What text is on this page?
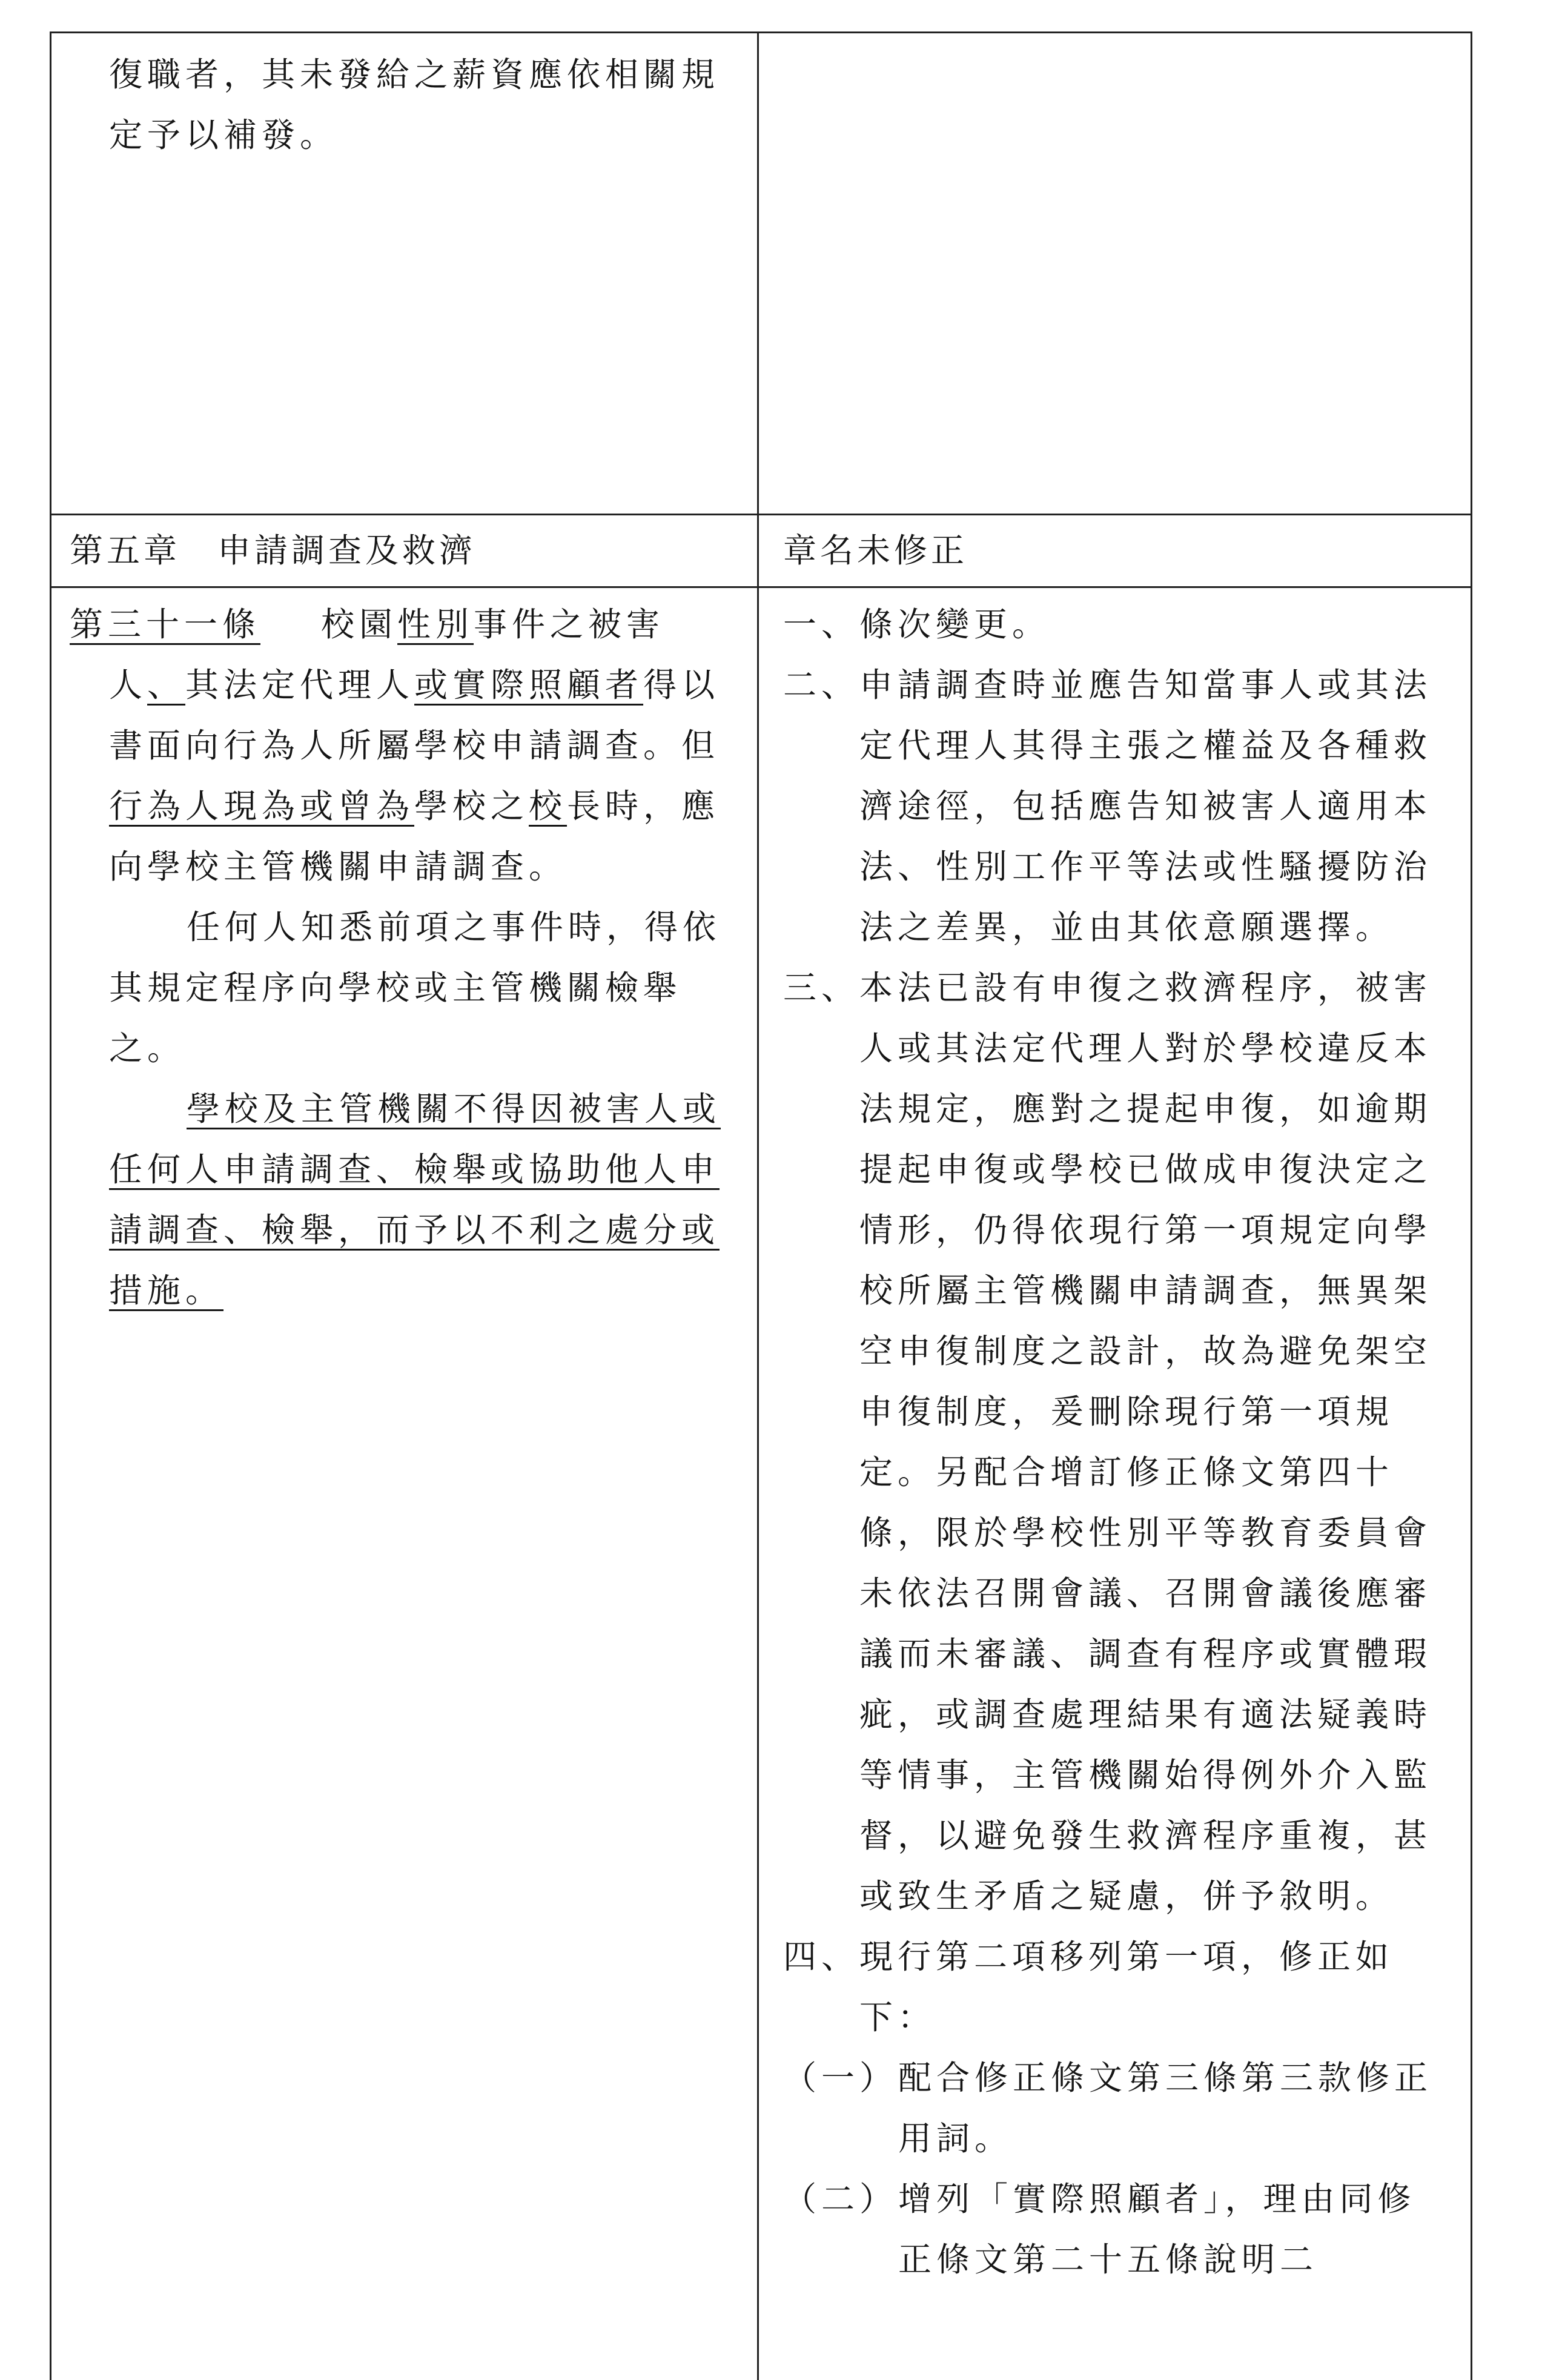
復職者，其未發給之薪資應依相關規定予以補發。
第五章　申請調查及救濟	章名未修正
第三十一條 校園性別事件之被害人、其法定代理人或實際照顧者得以書面向行為人所屬學校申請調查。但行為人現為或曾為學校之校長時，應向學校主管機關申請調查。
任何人知悉前項之事件時，得依其規定程序向學校或主管機關檢舉之。
學校及主管機關不得因被害人或任何人申請調查、檢舉或協助他人申請調查、檢舉，而予以不利之處分或措施。
一、 條次變更。
二、 申請調查時並應告知當事人或其法定代理人其得主張之權益及各種救濟途徑，包括應告知被害人適用本法、性別工作平等法或性騷擾防治法之差異，並由其依意願選擇。
三、 本法已設有申復之救濟程序，被害人或其法定代理人對於學校違反本法規定，應對之提起申復，如逾期提起申復或學校已做成申復決定之情形，仍得依現行第一項規定向學校所屬主管機關申請調查，無異架空申復制度之設計，故為避免架空申復制度，爰刪除現行第一項規定。另配合增訂修正條文第四十條，限於學校性別平等教育委員會未依法召開會議、召開會議後應審議而未審議、調查有程序或實體瑕疵，或調查處理結果有適法疑義時等情事，主管機關始得例外介入監督，以避免發生救濟程序重複，甚或致生矛盾之疑慮，併予敘明。
四、 現行第二項移列第一項，修正如下：
（一） 配合修正條文第三條第三款修正用詞。
（二） 增列「實際照顧者」，理由同修正條文第二十五條說明二
